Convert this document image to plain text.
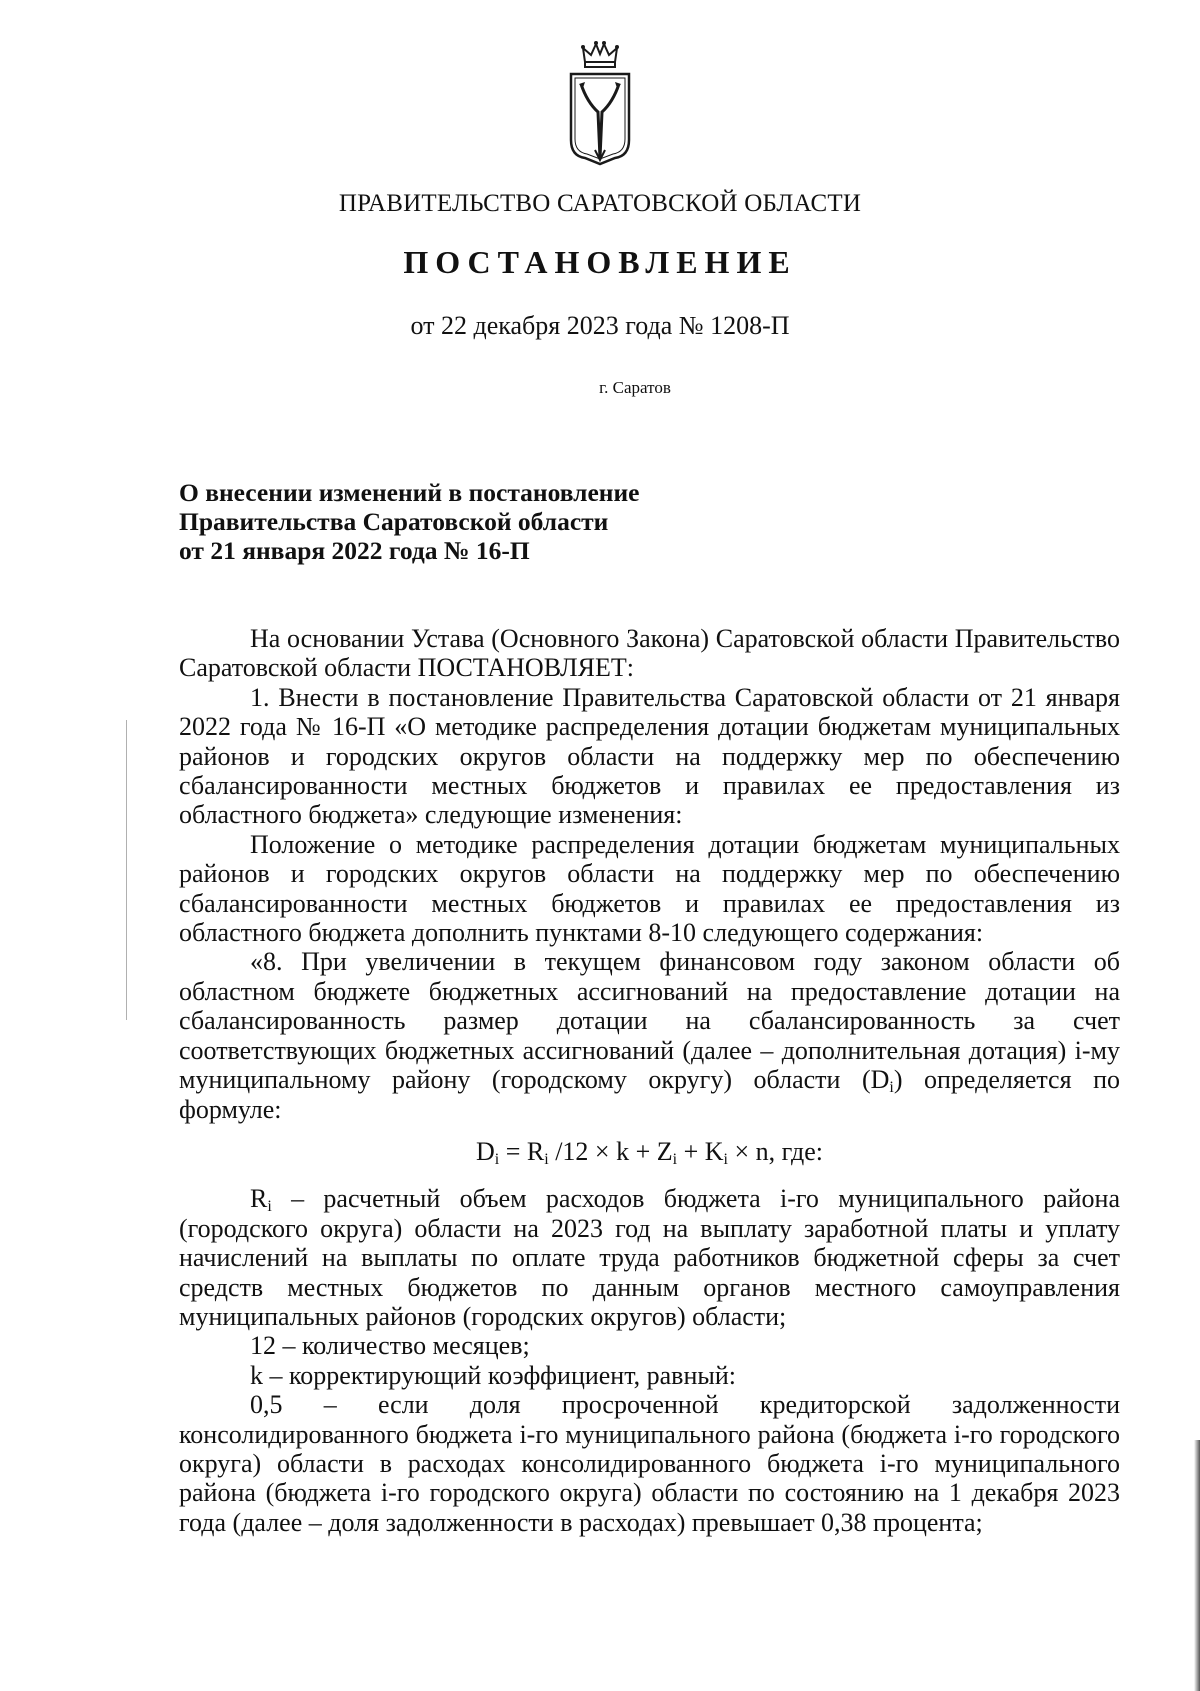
ПРАВИТЕЛЬСТВО САРАТОВСКОЙ ОБЛАСТИ
ПОСТАНОВЛЕНИЕ
от 22 декабря 2023 года № 1208-П
г. Саратов
О внесении изменений в постановление
Правительства Саратовской области
от 21 января 2022 года № 16-П

На основании Устава (Основного Закона) Саратовской области Правительство Саратовской области ПОСТАНОВЛЯЕТ:

1. Внести в постановление Правительства Саратовской области от 21 января 2022 года № 16-П «О методике распределения дотации бюджетам муниципальных районов и городских округов области на поддержку мер по обеспечению сбалансированности местных бюджетов и правилах ее предоставления из областного бюджета» следующие изменения:

Положение о методике распределения дотации бюджетам муниципальных районов и городских округов области на поддержку мер по обеспечению сбалансированности местных бюджетов и правилах ее предоставления из областного бюджета дополнить пунктами 8-10 следующего содержания:

«8. При увеличении в текущем финансовом году законом области об областном бюджете бюджетных ассигнований на предоставление дотации на сбалансированность размер дотации на сбалансированность за счет соответствующих бюджетных ассигнований (далее – дополнительная дотация) i-му муниципальному району (городскому округу) области $(D_i)$ определяется по формуле:

$D_i = R_i$ $/12 \times k + Z_i + K_i \times n$, где:

$R_i$ – расчетный объем расходов бюджета i-го муниципального района (городского округа) области на 2023 год на выплату заработной платы и уплату начислений на выплаты по оплате труда работников бюджетной сферы за счет средств местных бюджетов по данным органов местного самоуправления муниципальных районов (городских округов) области;

12 – количество месяцев;

k – корректирующий коэффициент, равный:

0,5 – если доля просроченной кредиторской задолженности консолидированного бюджета i-го муниципального района (бюджета i-го городского округа) области в расходах консолидированного бюджета i-го муниципального района (бюджета i-го городского округа) области по состоянию на 1 декабря 2023 года (далее – доля задолженности в расходах) превышает 0,38 процента;
